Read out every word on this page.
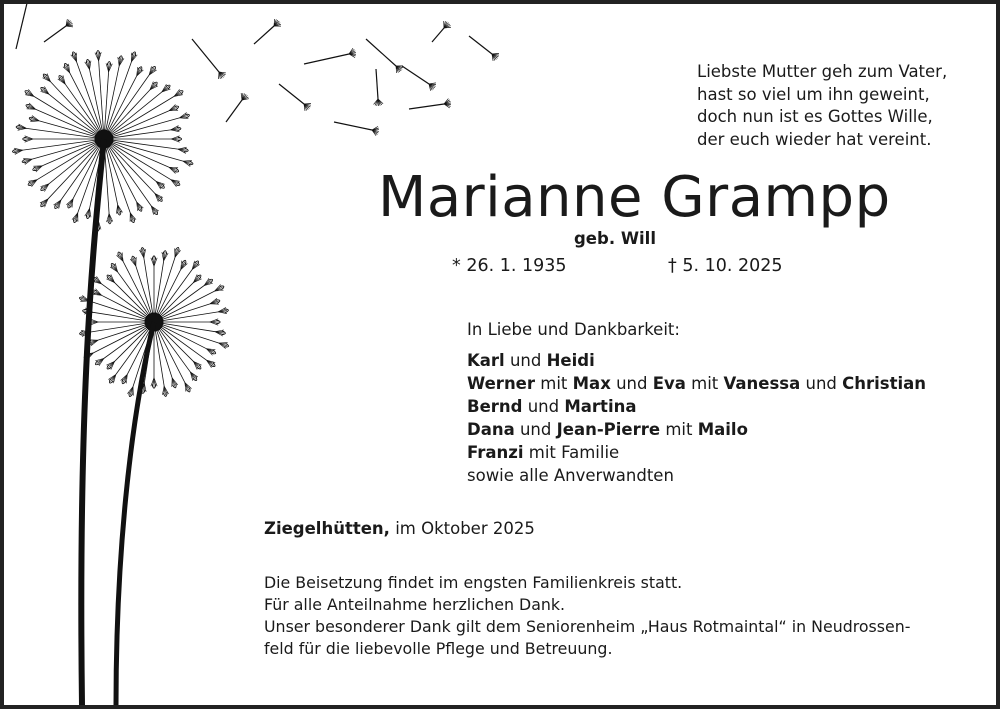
Liebste Mutter geh zum Vater,
hast so viel um ihn geweint,
doch nun ist es Gottes Wille,
der euch wieder hat vereint.
Marianne Grampp
geb. Will
* 26. 1. 1935	† 5. 10. 2025
In Liebe und Dankbarkeit:
Karl und Heidi
Werner mit Max und Eva mit Vanessa und Christian
Bernd und Martina
Dana und Jean-Pierre mit Mailo
Franzi mit Familie
sowie alle Anverwandten
Ziegelhütten, im Oktober 2025
Die Beisetzung findet im engsten Familienkreis statt.
Für alle Anteilnahme herzlichen Dank.
Unser besonderer Dank gilt dem Seniorenheim „Haus Rotmaintal“ in Neudrossen-
feld für die liebevolle Pflege und Betreuung.
